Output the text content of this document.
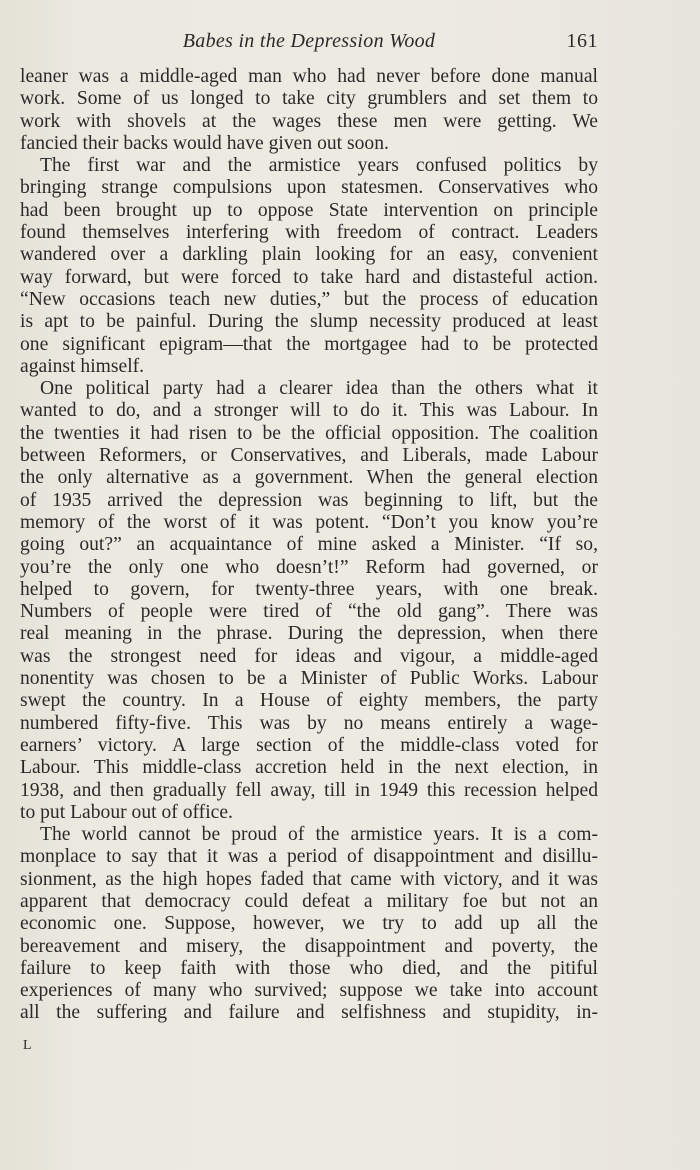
Babes in the Depression Wood	161
leaner was a middle-aged man who had never before done manual
work. Some of us longed to take city grumblers and set them to
work with shovels at the wages these men were getting. We
fancied their backs would have given out soon.
The first war and the armistice years confused politics by
bringing strange compulsions upon statesmen. Conservatives who
had been brought up to oppose State intervention on principle
found themselves interfering with freedom of contract. Leaders
wandered over a darkling plain looking for an easy, convenient
way forward, but were forced to take hard and distasteful action.
“New occasions teach new duties,” but the process of education
is apt to be painful. During the slump necessity produced at least
one significant epigram—that the mortgagee had to be protected
against himself.
One political party had a clearer idea than the others what it
wanted to do, and a stronger will to do it. This was Labour. In
the twenties it had risen to be the official opposition. The coalition
between Reformers, or Conservatives, and Liberals, made Labour
the only alternative as a government. When the general election
of 1935 arrived the depression was beginning to lift, but the
memory of the worst of it was potent. “Don’t you know you’re
going out?” an acquaintance of mine asked a Minister. “If so,
you’re the only one who doesn’t!” Reform had governed, or
helped to govern, for twenty-three years, with one break.
Numbers of people were tired of “the old gang”. There was
real meaning in the phrase. During the depression, when there
was the strongest need for ideas and vigour, a middle-aged
nonentity was chosen to be a Minister of Public Works. Labour
swept the country. In a House of eighty members, the party
numbered fifty-five. This was by no means entirely a wage-
earners’ victory. A large section of the middle-class voted for
Labour. This middle-class accretion held in the next election, in
1938, and then gradually fell away, till in 1949 this recession helped
to put Labour out of office.
The world cannot be proud of the armistice years. It is a com-
monplace to say that it was a period of disappointment and disillu-
sionment, as the high hopes faded that came with victory, and it was
apparent that democracy could defeat a military foe but not an
economic one. Suppose, however, we try to add up all the
bereavement and misery, the disappointment and poverty, the
failure to keep faith with those who died, and the pitiful
experiences of many who survived; suppose we take into account
all the suffering and failure and selfishness and stupidity, in-
L
